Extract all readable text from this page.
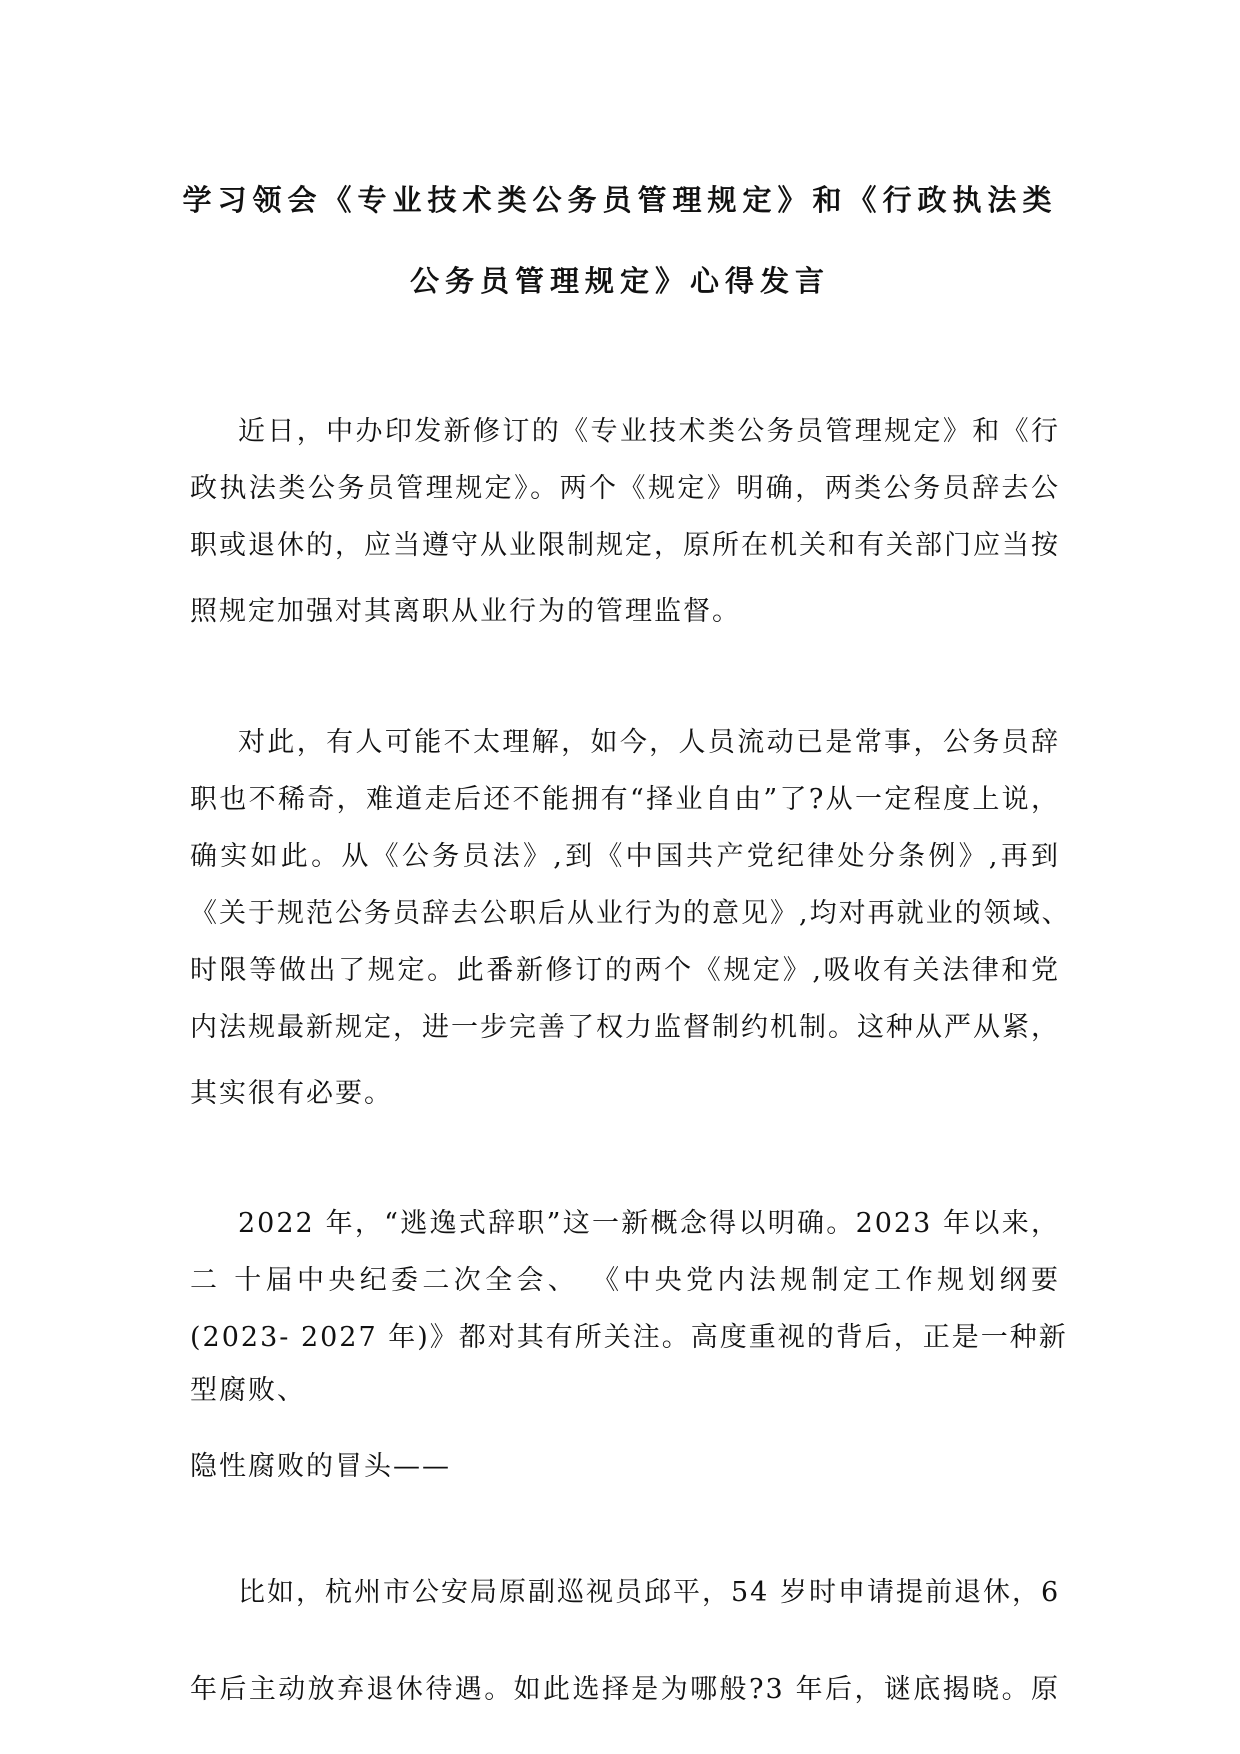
学习领会《专业技术类公务员管理规定》和《行政执法类
公务员管理规定》心得发言
近日，中办印发新修订的《专业技术类公务员管理规定》和《行
政执法类公务员管理规定》。两个《规定》明确，两类公务员辞去公
职或退休的，应当遵守从业限制规定，原所在机关和有关部门应当按
照规定加强对其离职从业行为的管理监督。
对此，有人可能不太理解，如今，人员流动已是常事，公务员辞
职也不稀奇，难道走后还不能拥有“择业自由”了?从一定程度上说，
确实如此。从《公务员法》,到《中国共产党纪律处分条例》,再到
《关于规范公务员辞去公职后从业行为的意见》,均对再就业的领域、
时限等做出了规定。此番新修订的两个《规定》,吸收有关法律和党
内法规最新规定，进一步完善了权力监督制约机制。这种从严从紧，
其实很有必要。
2022 年，“逃逸式辞职”这一新概念得以明确。2023 年以来，
二 十届中央纪委二次全会、 《中央党内法规制定工作规划纲要
(2023- 2027 年)》都对其有所关注。高度重视的背后，正是一种新
型腐败、
隐性腐败的冒头——
比如，杭州市公安局原副巡视员邱平，54 岁时申请提前退休，6
年后主动放弃退休待遇。如此选择是为哪般?3 年后，谜底揭晓。原
